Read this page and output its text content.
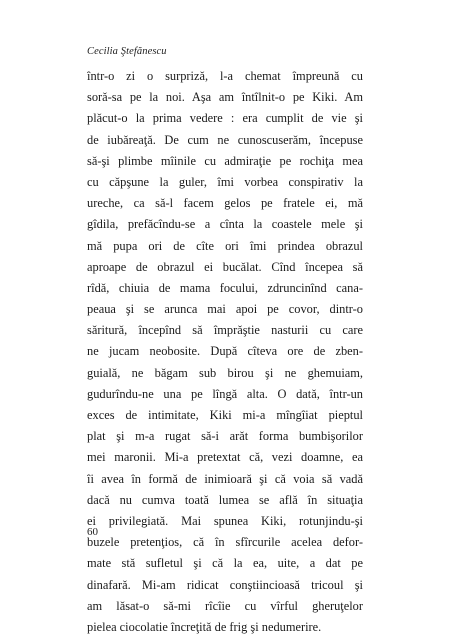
Cecilia Ştefănescu
într-o zi o surprizǎ, l-a chemat împreunǎ cu
sorǎ-sa pe la noi. Aşa am întîlnit-o pe Kiki. Am
plǎcut-o la prima vedere : era cumplit de vie şi
de iubǎreaţǎ. De cum ne cunoscuserǎm, începuse
sǎ-şi plimbe mîinile cu admiraţie pe rochiţa mea
cu cǎpşune la guler, îmi vorbea conspirativ la
ureche, ca sǎ-l facem gelos pe fratele ei, mǎ
gîdila, prefǎcîndu-se a cînta la coastele mele şi
mǎ pupa ori de cîte ori îmi prindea obrazul
aproape de obrazul ei bucǎlat. Cînd începea sǎ
rîdǎ, chiuia de mama focului, zdruncinînd cana-
peaua şi se arunca mai apoi pe covor, dintr-o
sǎriturǎ, începînd sǎ împrǎştie nasturii cu care
ne jucam neobosite. Dupǎ cîteva ore de zben-
guialǎ, ne bǎgam sub birou şi ne ghemuiam,
gudurîndu-ne una pe lîngǎ alta. O datǎ, într-un
exces de intimitate, Kiki mi-a mîngîiat pieptul
plat şi m-a rugat sǎ-i arǎt forma bumbişorilor
mei maronii. Mi-a pretextat cǎ, vezi doamne, ea
îi avea în formǎ de inimioarǎ şi cǎ voia sǎ vadǎ
dacǎ nu cumva toatǎ lumea se aflǎ în situaţia
ei privilegiatǎ. Mai spunea Kiki, rotunjindu-şi
buzele pretenţios, cǎ în sfîrcurile acelea defor-
mate stǎ sufletul şi cǎ la ea, uite, a dat pe
dinafarǎ. Mi-am ridicat conştiincioasǎ tricoul şi
am lǎsat-o sǎ-mi rîcîie cu vîrful gheruţelor
pielea ciocolatie încreţitǎ de frig şi nedumerire.
60
